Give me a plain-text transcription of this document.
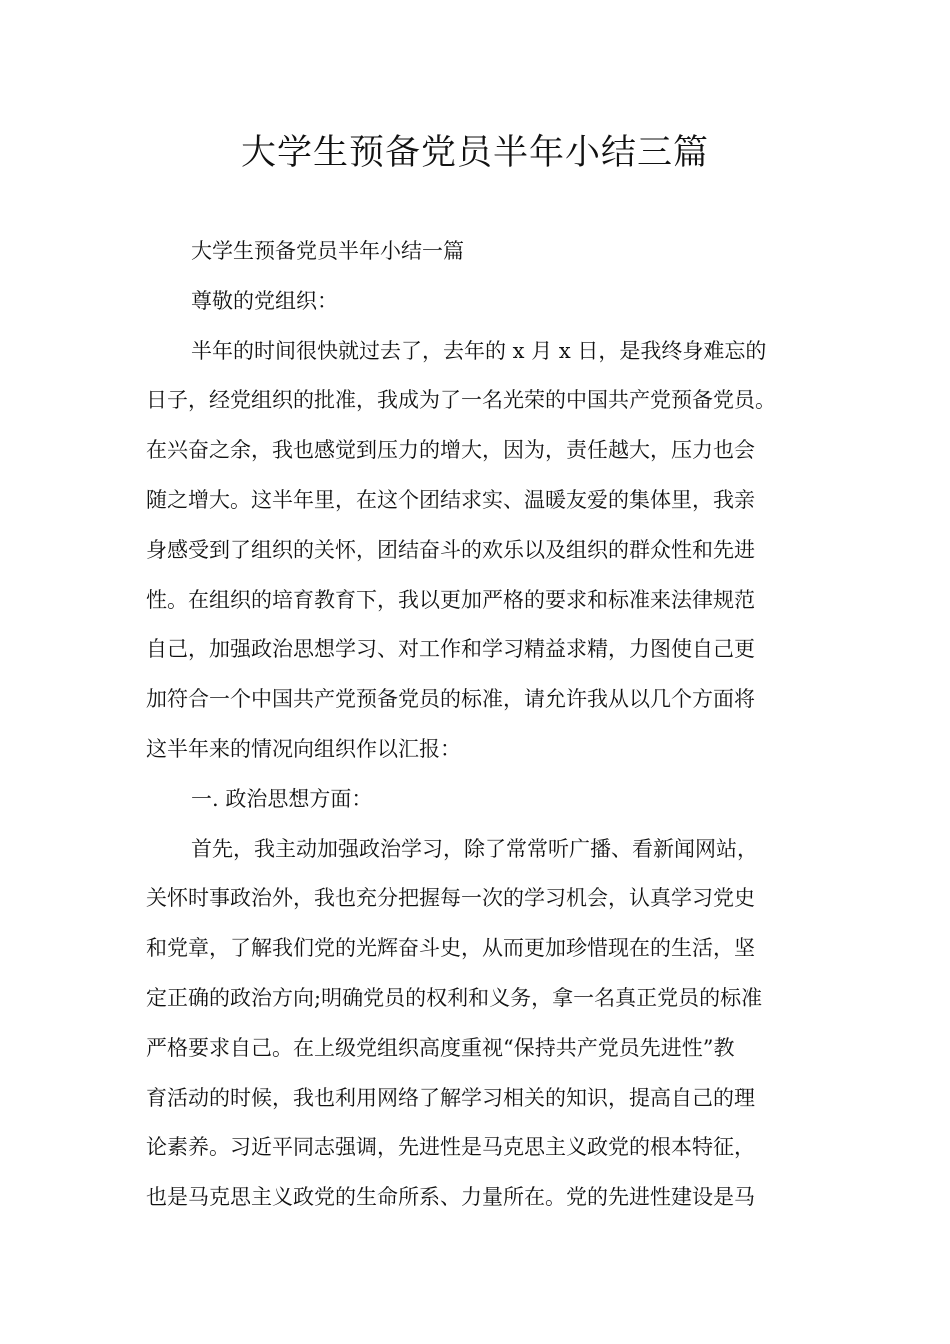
大学生预备党员半年小结三篇
大学生预备党员半年小结一篇
尊敬的党组织：
半年的时间很快就过去了，去年的 x 月 x 日，是我终身难忘的
日子，经党组织的批准，我成为了一名光荣的中国共产党预备党员。
在兴奋之余，我也感觉到压力的增大，因为，责任越大，压力也会
随之增大。这半年里，在这个团结求实、温暖友爱的集体里，我亲
身感受到了组织的关怀，团结奋斗的欢乐以及组织的群众性和先进
性。在组织的培育教育下，我以更加严格的要求和标准来法律规范
自己，加强政治思想学习、对工作和学习精益求精，力图使自己更
加符合一个中国共产党预备党员的标准，请允许我从以几个方面将
这半年来的情况向组织作以汇报：
一. 政治思想方面：
首先，我主动加强政治学习，除了常常听广播、看新闻网站，
关怀时事政治外，我也充分把握每一次的学习机会，认真学习党史
和党章，了解我们党的光辉奋斗史，从而更加珍惜现在的生活，坚
定正确的政治方向;明确党员的权利和义务，拿一名真正党员的标准
严格要求自己。在上级党组织高度重视“保持共产党员先进性”教
育活动的时候，我也利用网络了解学习相关的知识，提高自己的理
论素养。习近平同志强调，先进性是马克思主义政党的根本特征，
也是马克思主义政党的生命所系、力量所在。党的先进性建设是马
